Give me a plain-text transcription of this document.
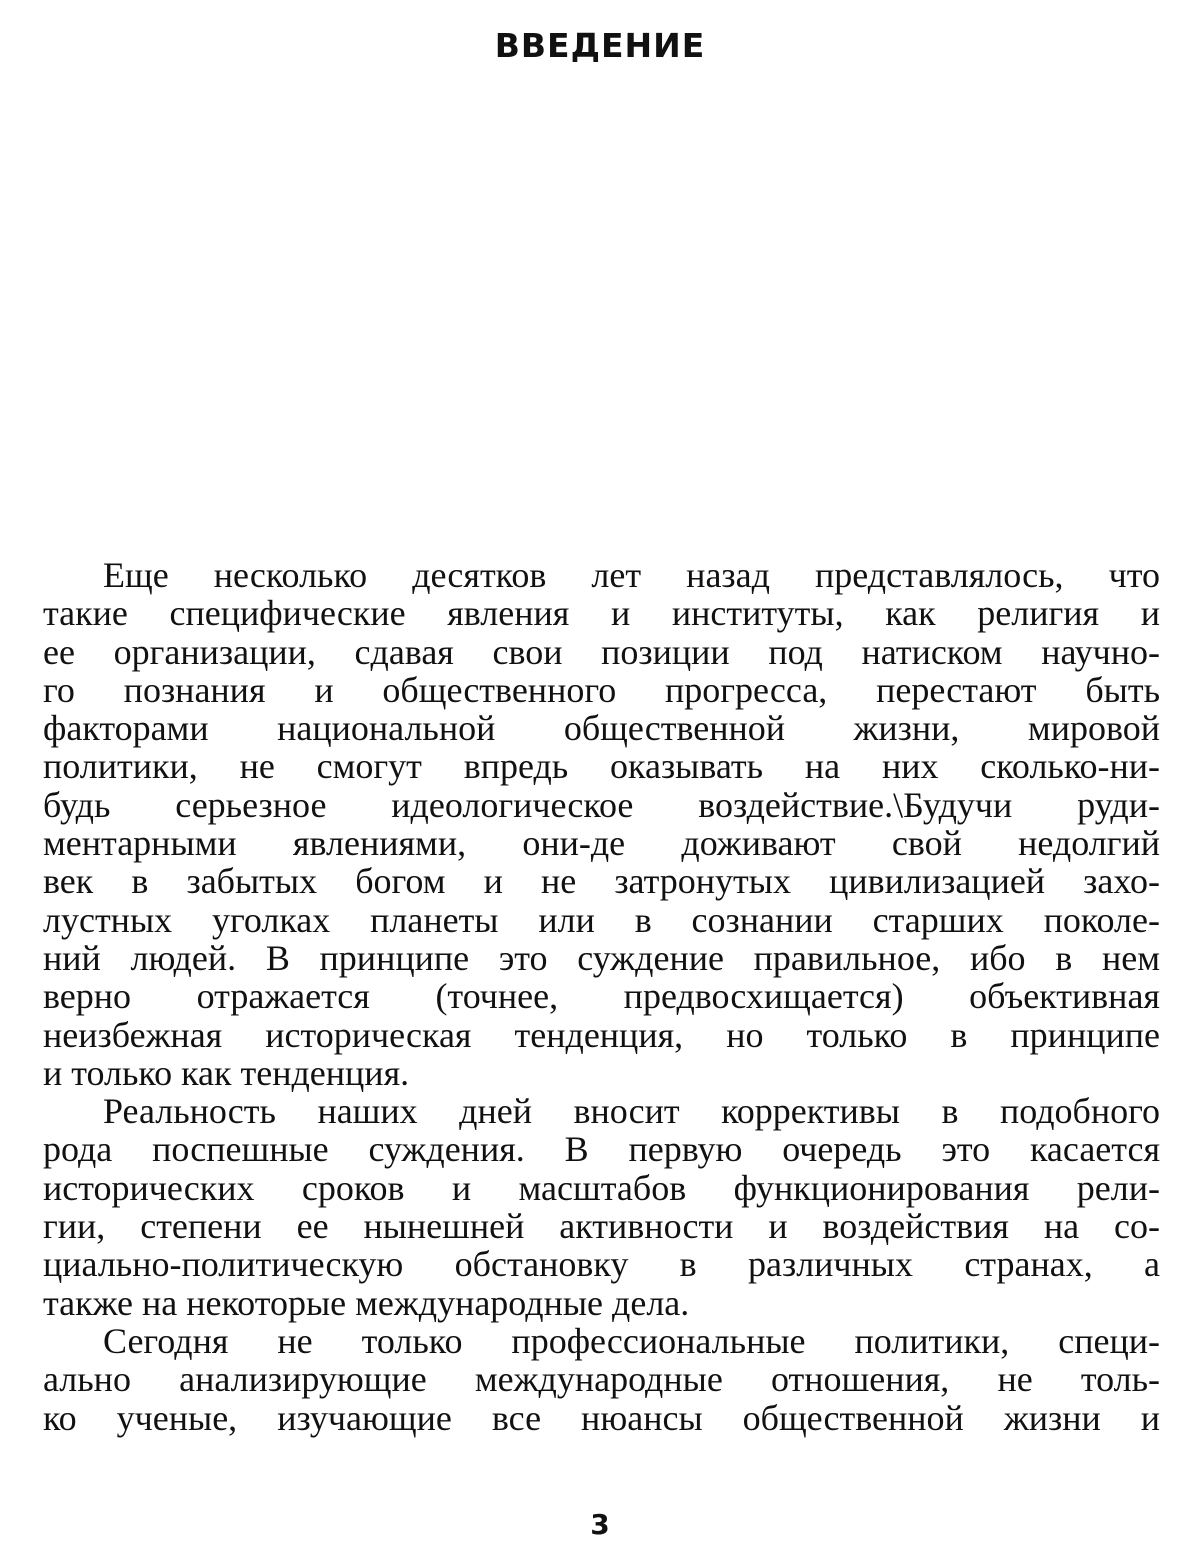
ВВЕДЕНИЕ
Еще несколько десятков лет назад представлялось, что
такие специфические явления и институты, как религия и
ее организации, сдавая свои позиции под натиском научно-
го познания и общественного прогресса, перестают быть
факторами национальной общественной жизни, мировой
политики, не смогут впредь оказывать на них сколько-ни-
будь серьезное идеологическое воздействие.\Будучи руди-
ментарными явлениями, они-де доживают свой недолгий
век в забытых богом и не затронутых цивилизацией захо-
лустных уголках планеты или в сознании старших поколе-
ний людей. В принципе это суждение правильное, ибо в нем
верно отражается (точнее, предвосхищается) объективная
неизбежная историческая тенденция, но только в принципе
и только как тенденция.
Реальность наших дней вносит коррективы в подобного
рода поспешные суждения. В первую очередь это касается
исторических сроков и масштабов функционирования рели-
гии, степени ее нынешней активности и воздействия на со-
циально-политическую обстановку в различных странах, а
также на некоторые международные дела.
Сегодня не только профессиональные политики, специ-
ально анализирующие международные отношения, не толь-
ко ученые, изучающие все нюансы общественной жизни и
3
